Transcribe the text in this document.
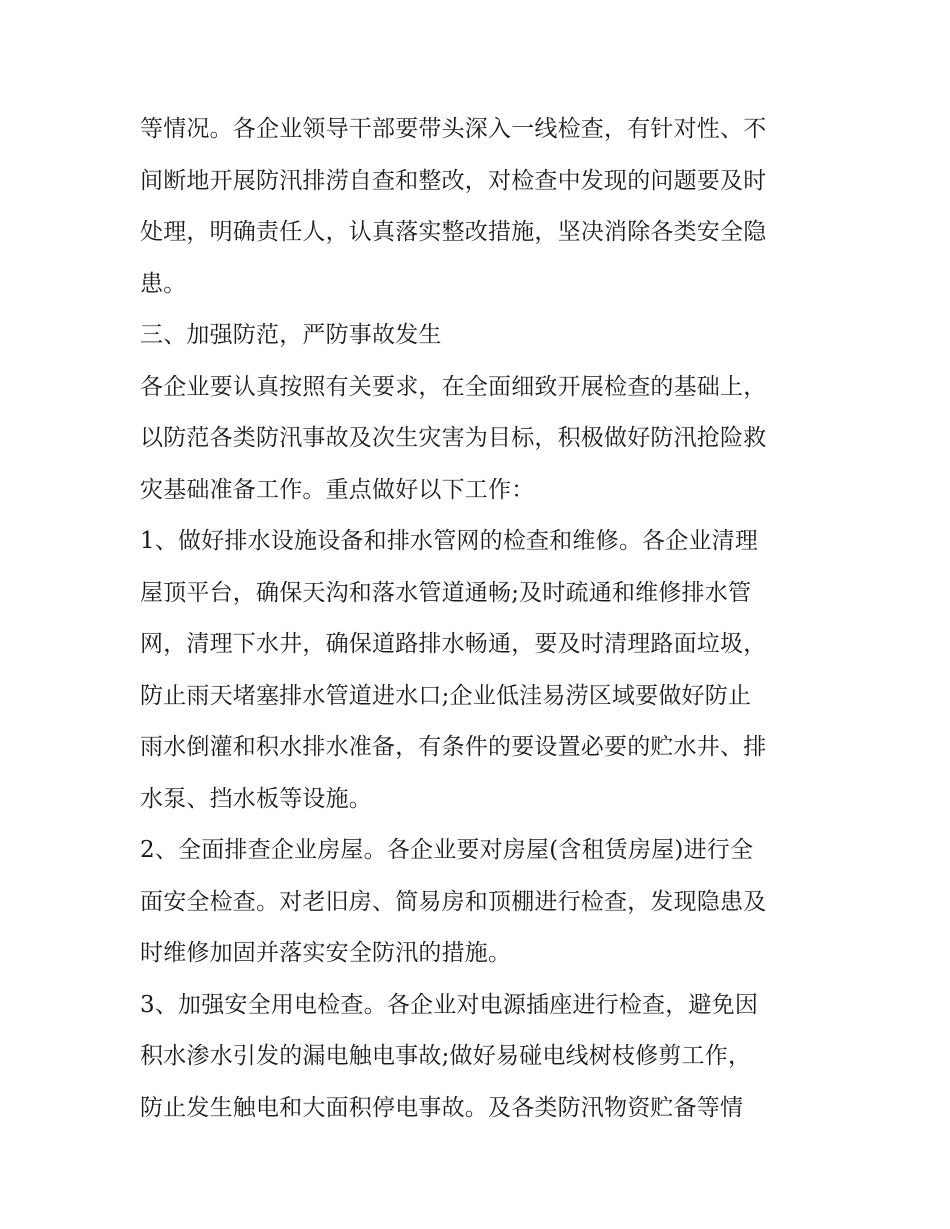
等情况。各企业领导干部要带头深入一线检查，有针对性、不
间断地开展防汛排涝自查和整改，对检查中发现的问题要及时
处理，明确责任人，认真落实整改措施，坚决消除各类安全隐
患。
三、加强防范，严防事故发生
各企业要认真按照有关要求，在全面细致开展检查的基础上，
以防范各类防汛事故及次生灾害为目标，积极做好防汛抢险救
灾基础准备工作。重点做好以下工作：
1、做好排水设施设备和排水管网的检查和维修。各企业清理
屋顶平台，确保天沟和落水管道通畅;及时疏通和维修排水管
网，清理下水井，确保道路排水畅通，要及时清理路面垃圾，
防止雨天堵塞排水管道进水口;企业低洼易涝区域要做好防止
雨水倒灌和积水排水准备，有条件的要设置必要的贮水井、排
水泵、挡水板等设施。
2、全面排查企业房屋。各企业要对房屋(含租赁房屋)进行全
面安全检查。对老旧房、简易房和顶棚进行检查，发现隐患及
时维修加固并落实安全防汛的措施。
3、加强安全用电检查。各企业对电源插座进行检查，避免因
积水渗水引发的漏电触电事故;做好易碰电线树枝修剪工作，
防止发生触电和大面积停电事故。及各类防汛物资贮备等情
